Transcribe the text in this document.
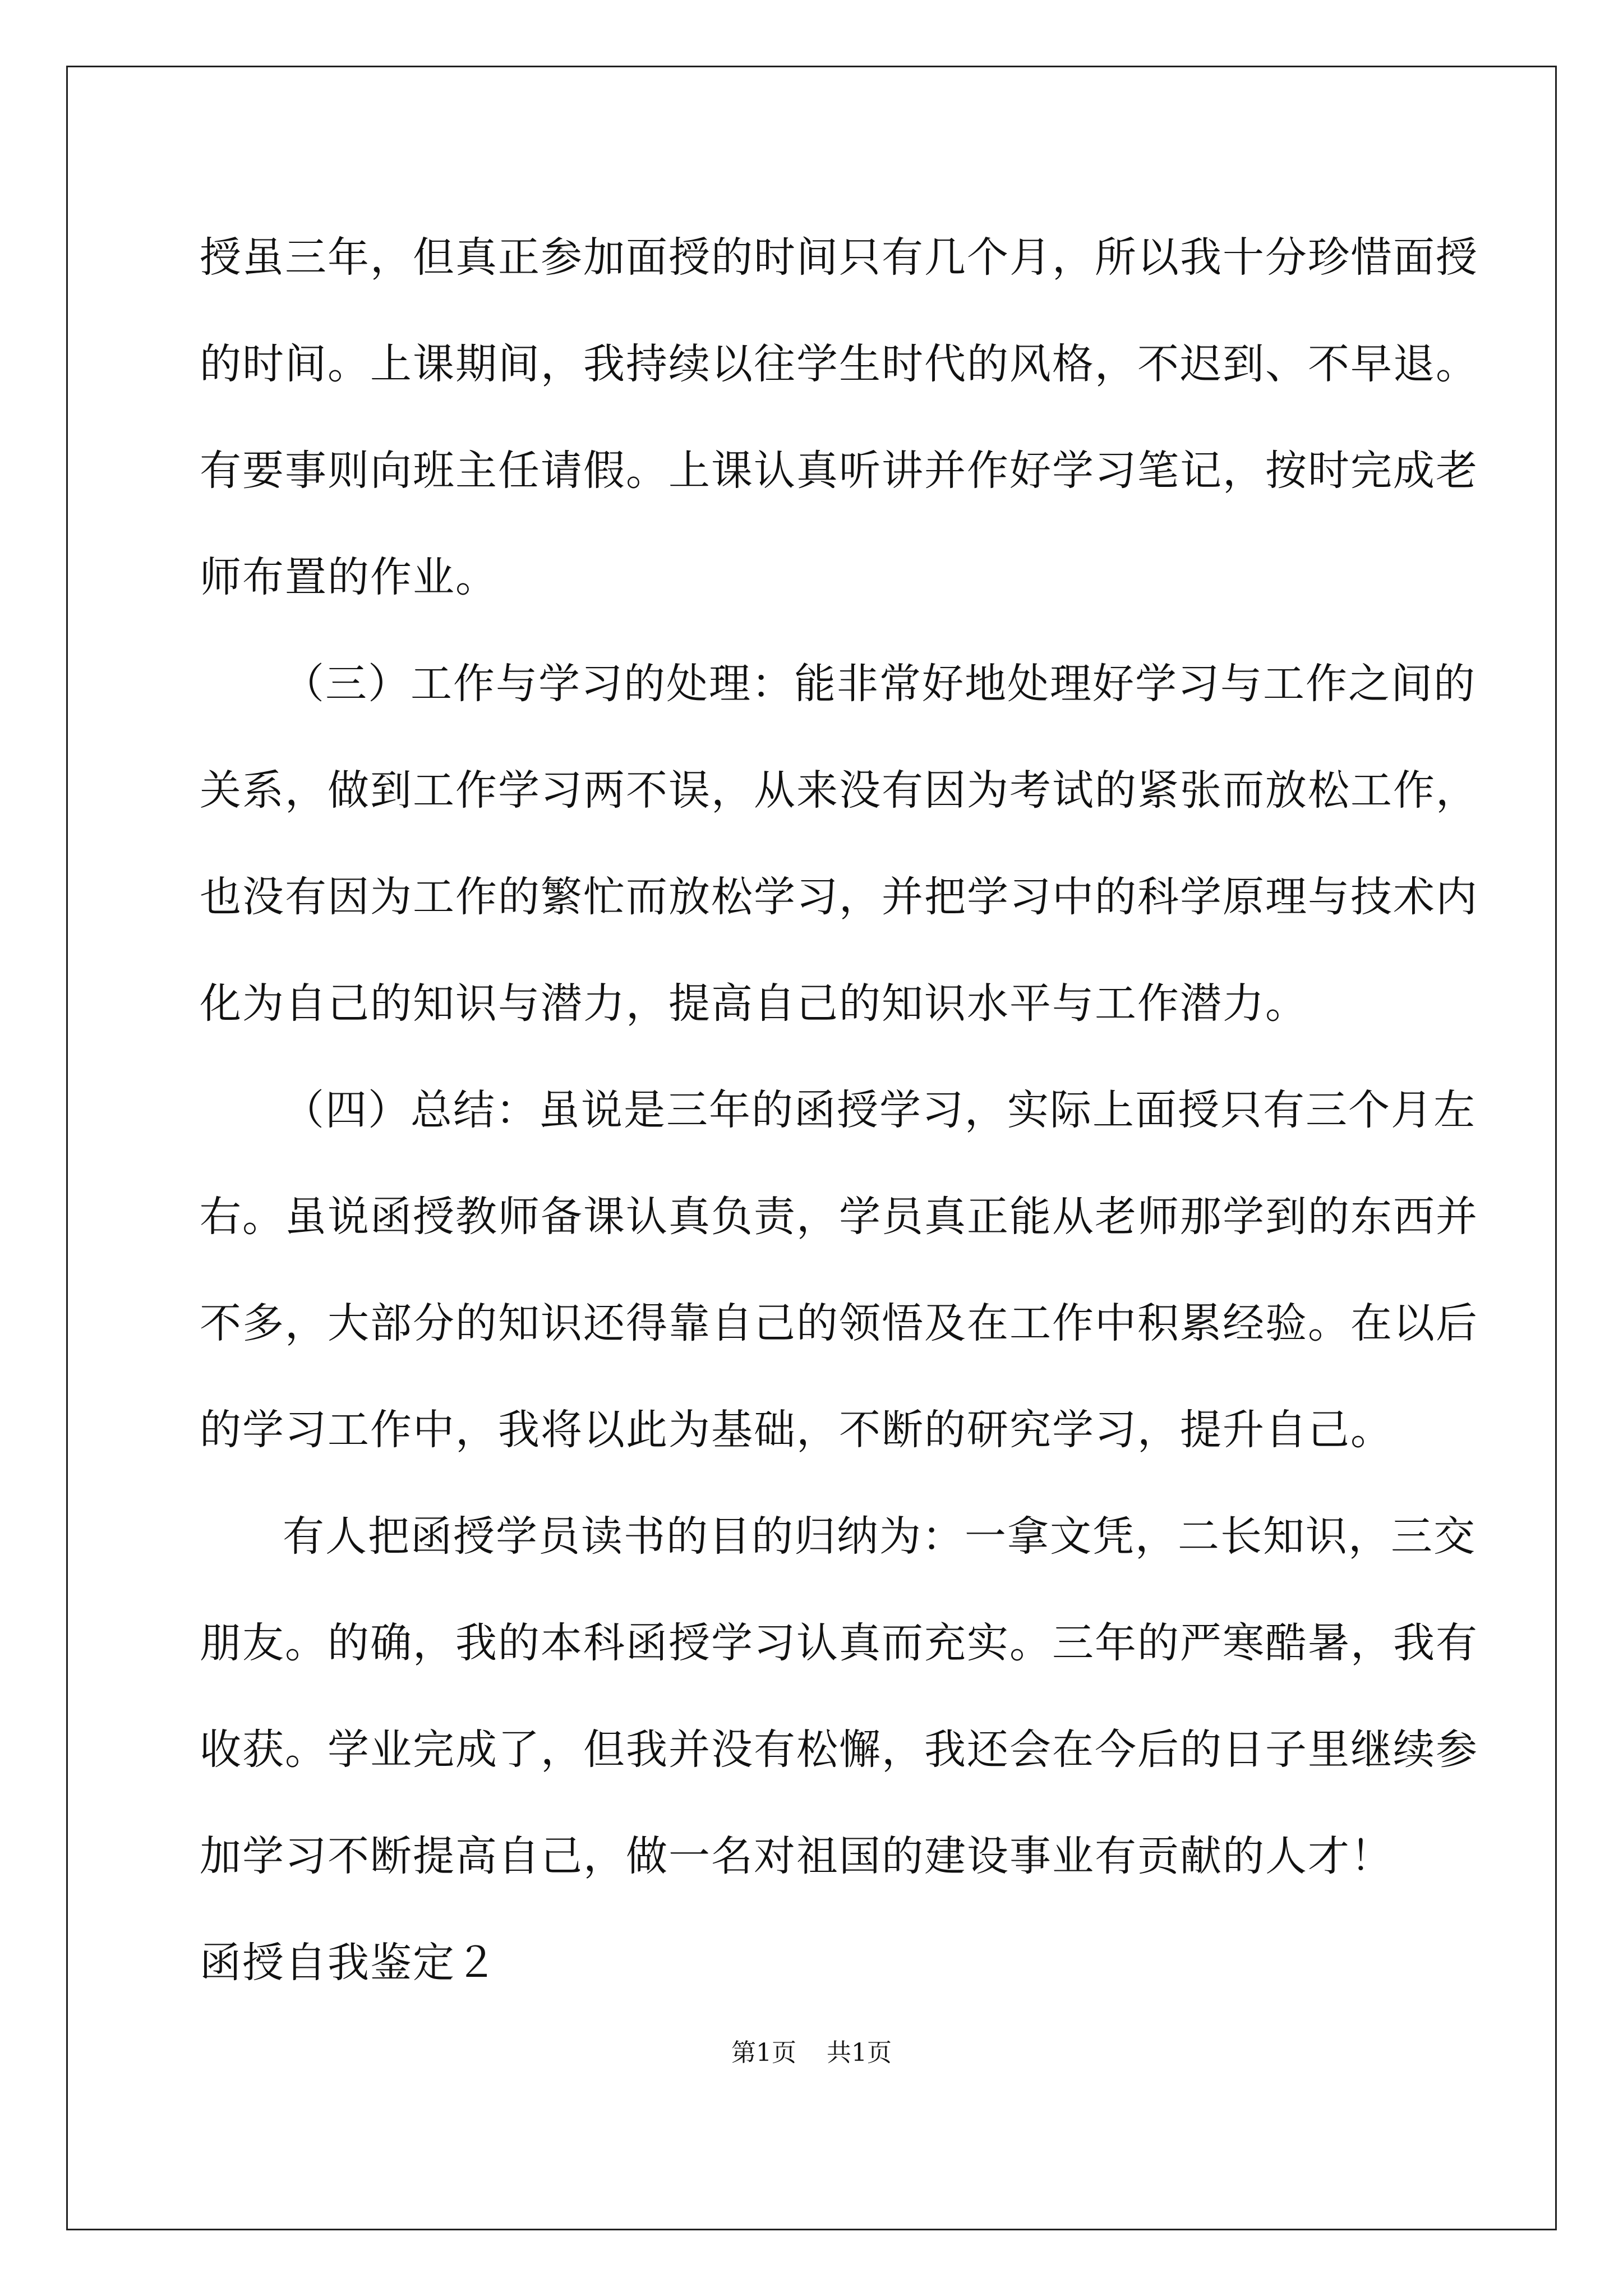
授虽三年，但真正参加面授的时间只有几个月，所以我十分珍惜面授
的时间。上课期间，我持续以往学生时代的风格，不迟到、不早退。
有要事则向班主任请假。上课认真听讲并作好学习笔记，按时完成老
师布置的作业。
（三）工作与学习的处理：能非常好地处理好学习与工作之间的
关系，做到工作学习两不误，从来没有因为考试的紧张而放松工作，
也没有因为工作的繁忙而放松学习，并把学习中的科学原理与技术内
化为自己的知识与潜力，提高自己的知识水平与工作潜力。
（四）总结：虽说是三年的函授学习，实际上面授只有三个月左
右。虽说函授教师备课认真负责，学员真正能从老师那学到的东西并
不多，大部分的知识还得靠自己的领悟及在工作中积累经验。在以后
的学习工作中，我将以此为基础，不断的研究学习，提升自己。
有人把函授学员读书的目的归纳为：一拿文凭，二长知识，三交
朋友。的确，我的本科函授学习认真而充实。三年的严寒酷暑，我有
收获。学业完成了，但我并没有松懈，我还会在今后的日子里继续参
加学习不断提高自己，做一名对祖国的建设事业有贡献的人才！
函授自我鉴定２
第1页 共1页
